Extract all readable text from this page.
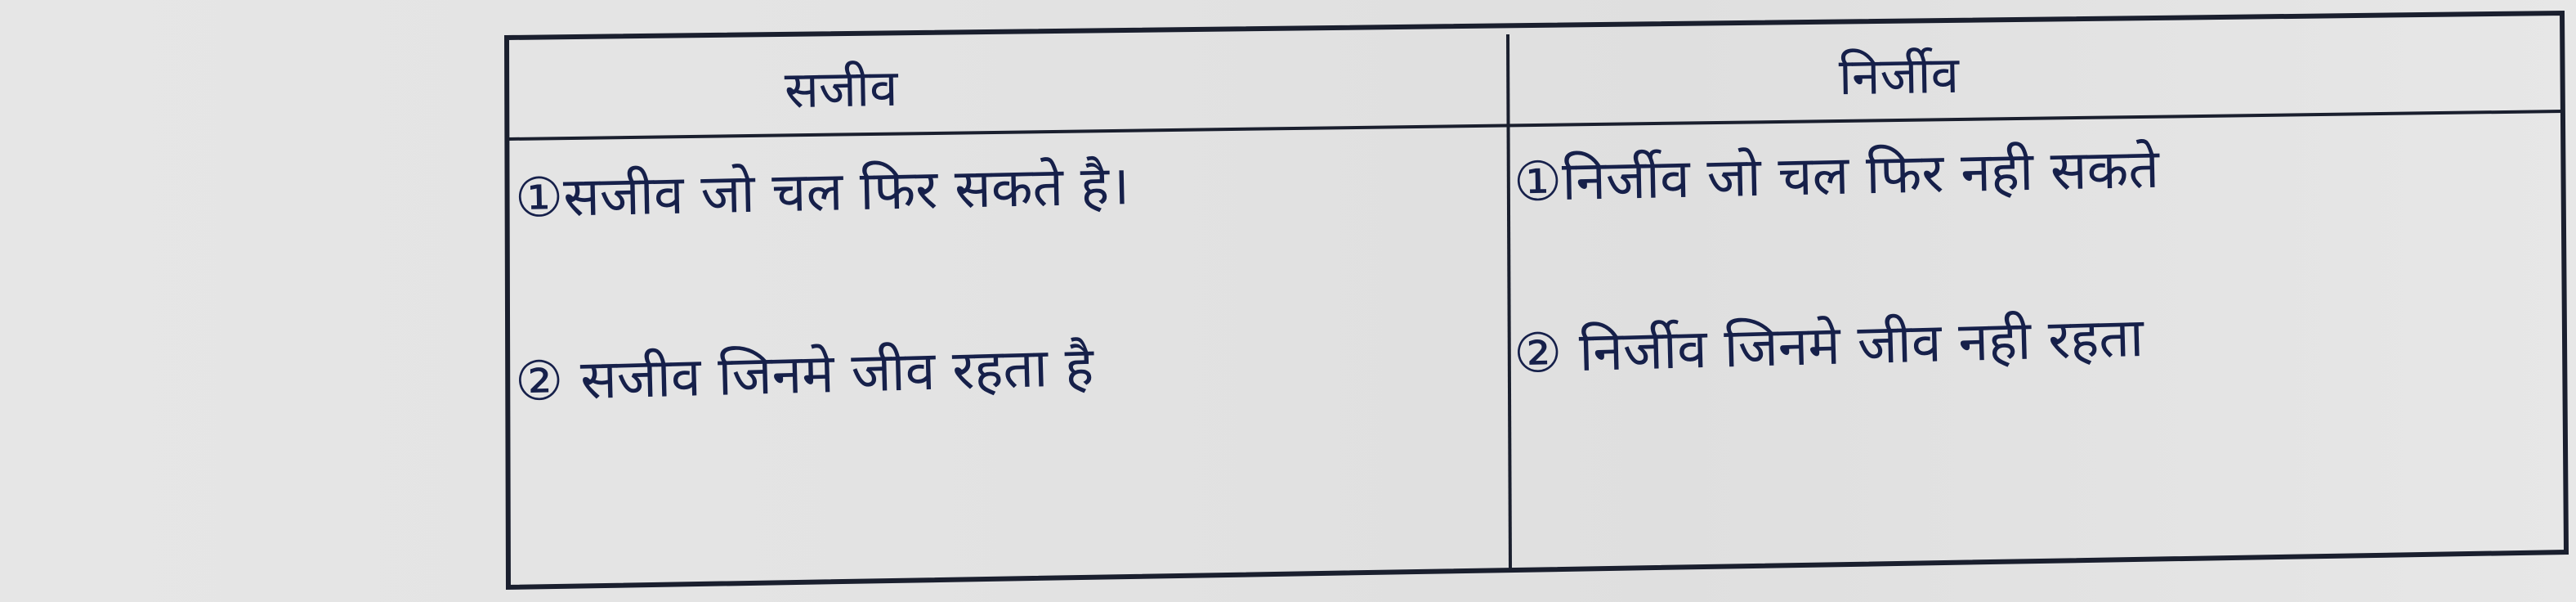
सजीव	निर्जीव
①सजीव जो चल फिर सकते है।	①निर्जीव जो चल फिर नही सकते
② सजीव जिनमे जीव रहता है	② निर्जीव जिनमे जीव नही रहता
